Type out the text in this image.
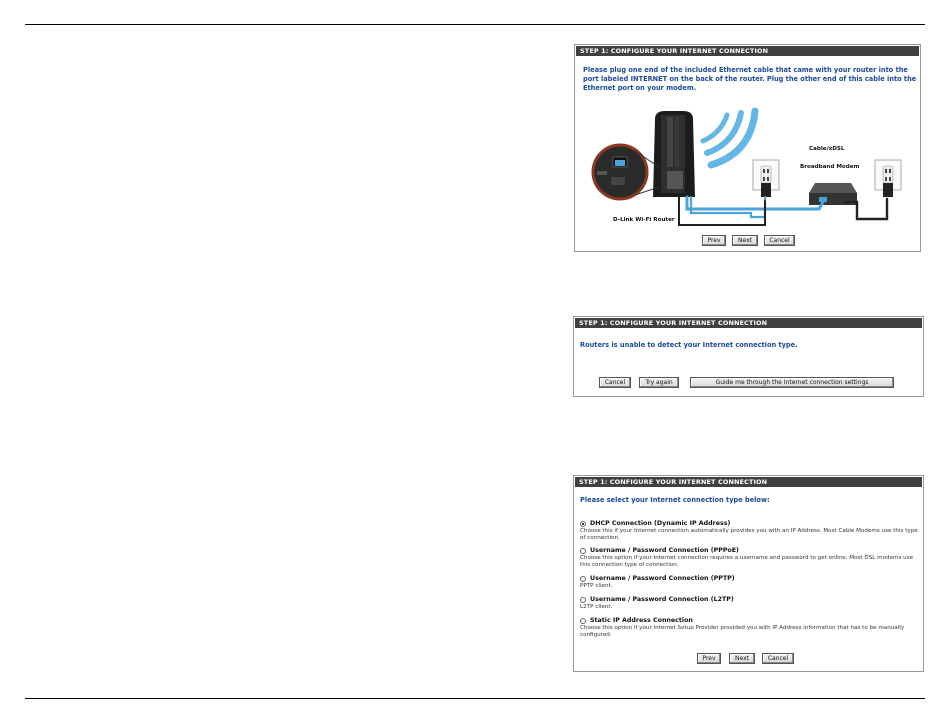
STEP 1: CONFIGURE YOUR INTERNET CONNECTION
Please plug one end of the included Ethernet cable that came with your router into the port labeled INTERNET on the back of the router. Plug the other end of this cable into the Ethernet port on your modem.
D-Link Wi-Fi Router
Cable/xDSL
Broadband Modem
Prev	Next	Cancel
STEP 1: CONFIGURE YOUR INTERNET CONNECTION
Routers is unable to detect your Internet connection type.
Cancel	Try again	Guide me through the Internet connection settings
STEP 1: CONFIGURE YOUR INTERNET CONNECTION
Please select your Internet connection type below:
DHCP Connection (Dynamic IP Address)
Choose this if your Internet connection automatically provides you with an IP Address. Most Cable Modems use this type of connection.
Username / Password Connection (PPPoE)
Choose this option if your Internet connection requires a username and password to get online. Most DSL modems use this connection type of connection.
Username / Password Connection (PPTP)
PPTP client.
Username / Password Connection (L2TP)
L2TP client.
Static IP Address Connection
Choose this option if your Internet Setup Provider provided you with IP Address information that has to be manually configured.
Prev	Next	Cancel
